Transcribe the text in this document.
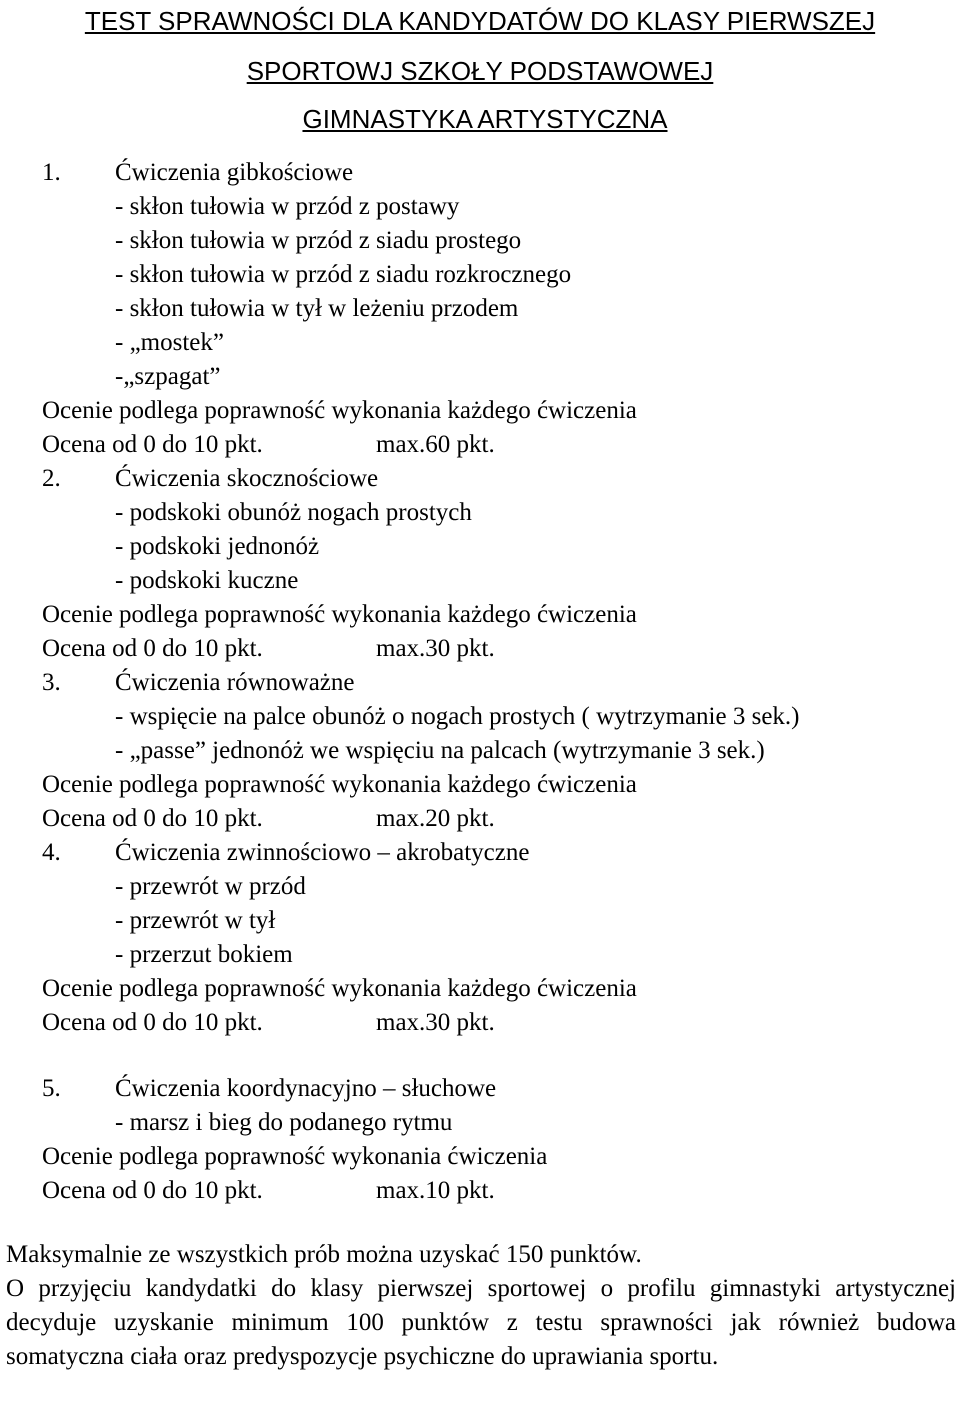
TEST SPRAWNOŚCI DLA KANDYDATÓW DO KLASY PIERWSZEJ
SPORTOWJ SZKOŁY PODSTAWOWEJ
GIMNASTYKA ARTYSTYCZNA
1. Ćwiczenia gibkościowe
- skłon tułowia w przód z postawy
- skłon tułowia w przód z siadu prostego
- skłon tułowia w przód z siadu rozkrocznego
- skłon tułowia w tył w leżeniu przodem
- „mostek”
-„szpagat”
Ocenie podlega poprawność wykonania każdego ćwiczenia
Ocena od 0 do 10 pkt.	max.60 pkt.
2. Ćwiczenia skocznościowe
- podskoki obunóż nogach prostych
- podskoki jednonóż
- podskoki kuczne
Ocenie podlega poprawność wykonania każdego ćwiczenia
Ocena od 0 do 10 pkt.	max.30 pkt.
3. Ćwiczenia równoważne
- wspięcie na palce obunóż o nogach prostych ( wytrzymanie 3 sek.)
- „passe” jednonóż we wspięciu na palcach (wytrzymanie 3 sek.)
Ocenie podlega poprawność wykonania każdego ćwiczenia
Ocena od 0 do 10 pkt.	max.20 pkt.
4. Ćwiczenia zwinnościowo – akrobatyczne
- przewrót w przód
- przewrót w tył
- przerzut bokiem
Ocenie podlega poprawność wykonania każdego ćwiczenia
Ocena od 0 do 10 pkt.	max.30 pkt.
5. Ćwiczenia koordynacyjno – słuchowe
- marsz i bieg do podanego rytmu
Ocenie podlega poprawność wykonania ćwiczenia
Ocena od 0 do 10 pkt.	max.10 pkt.
Maksymalnie ze wszystkich prób można uzyskać 150 punktów.
O przyjęciu kandydatki do klasy pierwszej sportowej o profilu gimnastyki artystycznej decyduje uzyskanie minimum 100 punktów z testu sprawności jak również budowa somatyczna ciała oraz predyspozycje psychiczne do uprawiania sportu.
